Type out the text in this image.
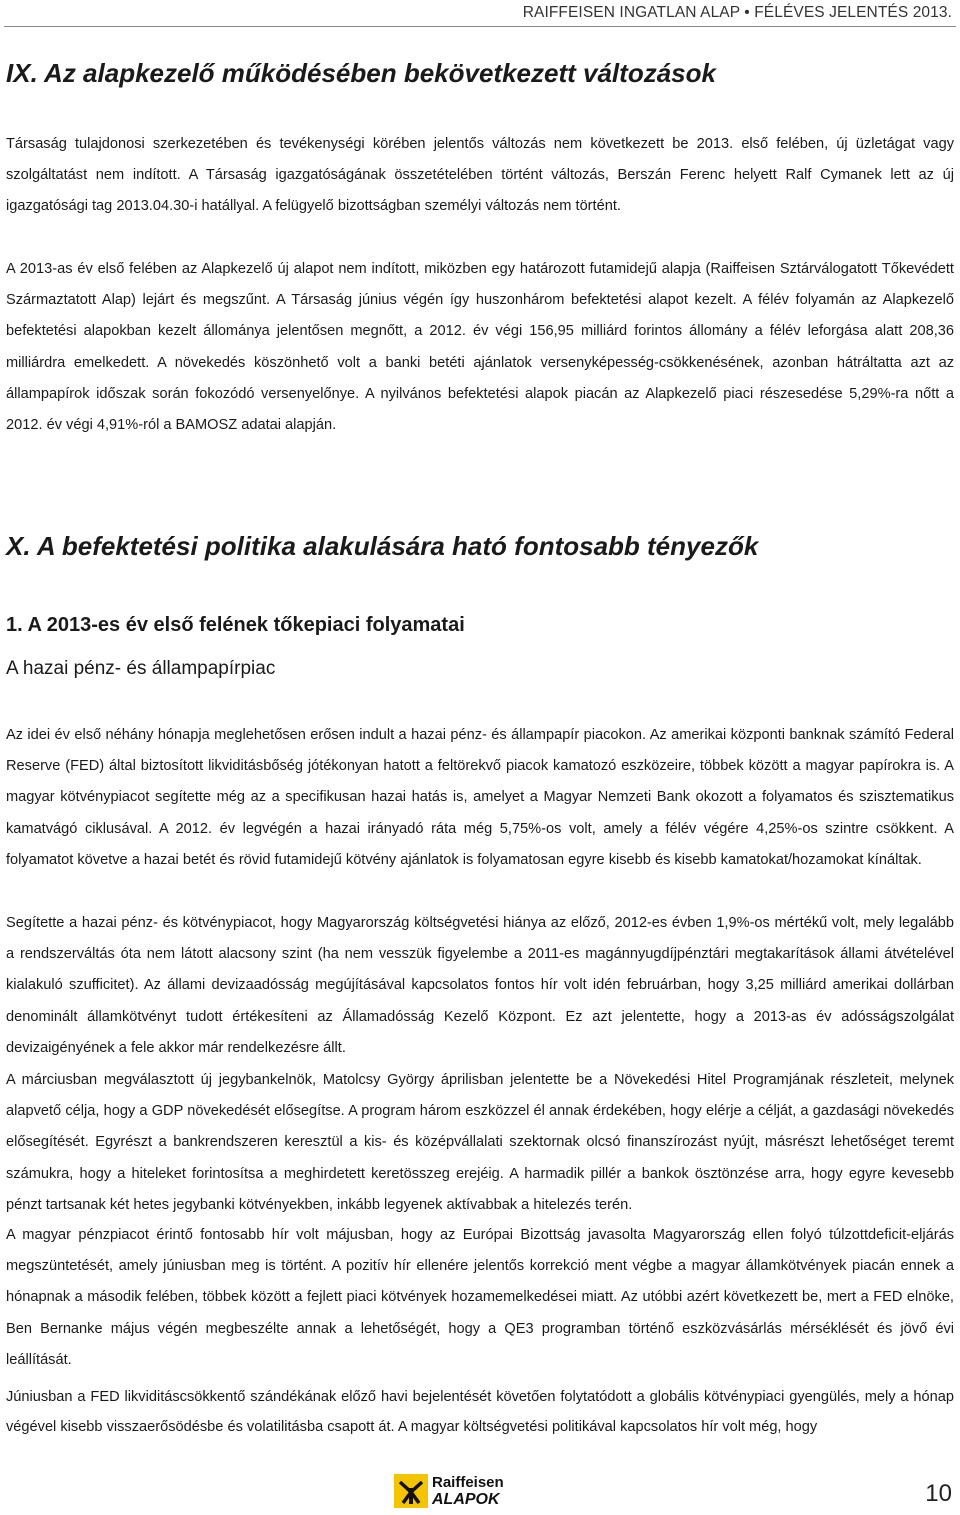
RAIFFEISEN INGATLAN ALAP • FÉLÉVES JELENTÉS 2013.
IX. Az alapkezelő működésében bekövetkezett változások

Társaság tulajdonosi szerkezetében és tevékenységi körében jelentős változás nem következett be 2013. első felében, új üzletágat vagy szolgáltatást nem indított. A Társaság igazgatóságának összetételében történt változás, Berszán Ferenc helyett Ralf Cymanek lett az új igazgatósági tag 2013.04.30-i hatállyal. A felügyelő bizottságban személyi változás nem történt.

A 2013-as év első felében az Alapkezelő új alapot nem indított, miközben egy határozott futamidejű alapja (Raiffeisen Sztárválogatott Tőkevédett Származtatott Alap) lejárt és megszűnt. A Társaság június végén így huszonhárom befektetési alapot kezelt. A félév folyamán az Alapkezelő befektetési alapokban kezelt állománya jelentősen megnőtt, a 2012. év végi 156,95 milliárd forintos állomány a félév leforgása alatt 208,36 milliárdra emelkedett. A növekedés köszönhető volt a banki betéti ajánlatok versenyképesség-csökkenésének, azonban hátráltatta azt az állampapírok időszak során fokozódó versenyelőnye. A nyilvános befektetési alapok piacán az Alapkezelő piaci részesedése 5,29%-ra nőtt a 2012. év végi 4,91%-ról a BAMOSZ adatai alapján.

X. A befektetési politika alakulására ható fontosabb tényezők
1. A 2013-es év első felének tőkepiaci folyamatai
A hazai pénz- és állampapírpiac

Az idei év első néhány hónapja meglehetősen erősen indult a hazai pénz- és állampapír piacokon. Az amerikai központi banknak számító Federal Reserve (FED) által biztosított likviditásbőség jótékonyan hatott a feltörekvő piacok kamatozó eszközeire, többek között a magyar papírokra is. A magyar kötvénypiacot segítette még az a specifikusan hazai hatás is, amelyet a Magyar Nemzeti Bank okozott a folyamatos és szisztematikus kamatvágó ciklusával. A 2012. év legvégén a hazai irányadó ráta még 5,75%-os volt, amely a félév végére 4,25%-os szintre csökkent. A folyamatot követve a hazai betét és rövid futamidejű kötvény ajánlatok is folyamatosan egyre kisebb és kisebb kamatokat/hozamokat kínáltak.

Segítette a hazai pénz- és kötvénypiacot, hogy Magyarország költségvetési hiánya az előző, 2012-es évben 1,9%-os mértékű volt, mely legalább a rendszerváltás óta nem látott alacsony szint (ha nem vesszük figyelembe a 2011-es magánnyugdíjpénztári megtakarítások állami átvételével kialakuló szufficitet). Az állami devizaadósság megújításával kapcsolatos fontos hír volt idén februárban, hogy 3,25 milliárd amerikai dollárban denominált államkötvényt tudott értékesíteni az Államadósság Kezelő Központ. Ez azt jelentette, hogy a 2013-as év adósságszolgálat devizaigényének a fele akkor már rendelkezésre állt.

A márciusban megválasztott új jegybankelnök, Matolcsy György áprilisban jelentette be a Növekedési Hitel Programjának részleteit, melynek alapvető célja, hogy a GDP növekedését elősegítse. A program három eszközzel él annak érdekében, hogy elérje a célját, a gazdasági növekedés elősegítését. Egyrészt a bankrendszeren keresztül a kis- és középvállalati szektornak olcsó finanszírozást nyújt, másrészt lehetőséget teremt számukra, hogy a hiteleket forintosítsa a meghirdetett keretösszeg erejéig. A harmadik pillér a bankok ösztönzése arra, hogy egyre kevesebb pénzt tartsanak két hetes jegybanki kötvényekben, inkább legyenek aktívabbak a hitelezés terén.

A magyar pénzpiacot érintő fontosabb hír volt májusban, hogy az Európai Bizottság javasolta Magyarország ellen folyó túlzottdeficit-eljárás megszüntetését, amely júniusban meg is történt. A pozitív hír ellenére jelentős korrekció ment végbe a magyar államkötvények piacán ennek a hónapnak a második felében, többek között a fejlett piaci kötvények hozamemelkedései miatt. Az utóbbi azért következett be, mert a FED elnöke, Ben Bernanke május végén megbeszélte annak a lehetőségét, hogy a QE3 programban történő eszközvásárlás mérséklését és jövő évi leállítását.

Júniusban a FED likviditáscsökkentő szándékának előző havi bejelentését követően folytatódott a globális kötvénypiaci gyengülés, mely a hónap végével kisebb visszaerősödésbe és volatilitásba csapott át. A magyar költségvetési politikával kapcsolatos hír volt még, hogy

Raiffeisen
ALAPOK	10
